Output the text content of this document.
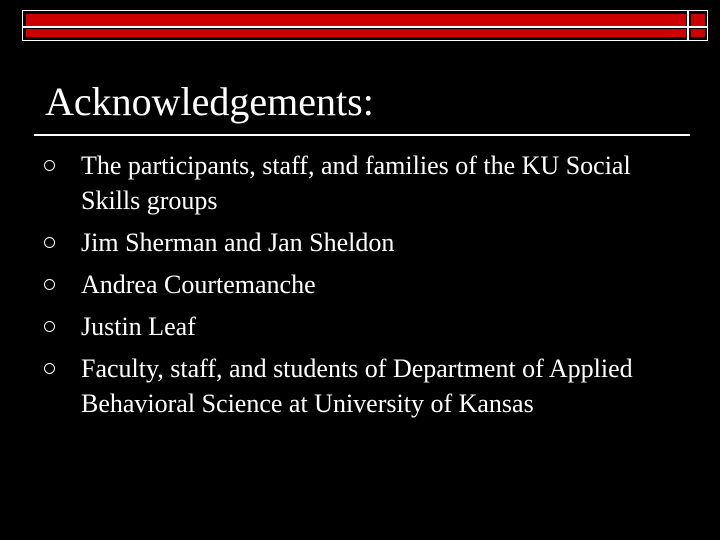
Acknowledgements:
The participants, staff, and families of the KU Social Skills groups
Jim Sherman and Jan Sheldon
Andrea Courtemanche
Justin Leaf
Faculty, staff, and students of Department of Applied Behavioral Science at University of Kansas
